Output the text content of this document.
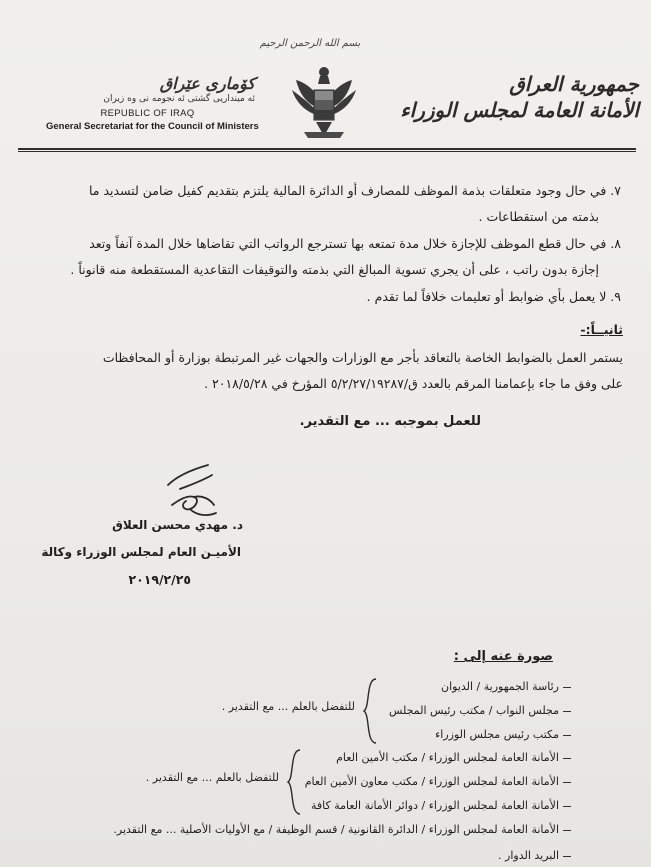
بسم الله الرحمن الرحيم
جمهورية العراق
الأمانة العامة لمجلس الوزراء
كۆماری عێراق
ئه مینداریی گشتی ئه نجومه نی وه زیران
REPUBLIC OF IRAQ
General Secretariat for the Council of Ministers
٧. في حال وجود متعلقات بذمة الموظف للمصارف أو الدائرة المالية يلتزم بتقديم كفيل ضامن لتسديد ما
بذمته من استقطاعات .
٨. في حال قطع الموظف للإجازة خلال مدة تمتعه بها تسترجع الرواتب التي تقاضاها خلال المدة آنفاً وتعد
إجازة بدون راتب ، على أن يجري تسوية المبالغ التي بذمته والتوقيفات التقاعدية المستقطعة منه قانوناً .
٩. لا يعمل بأي ضوابط أو تعليمات خلافاً لما تقدم .
ثانيــاً:-
يستمر العمل بالضوابط الخاصة بالتعاقد بأجر مع الوزارات والجهات غير المرتبطة بوزارة أو المحافظات
على وفق ما جاء بإعمامنا المرقم بالعدد ق/٥/٢/٢٧/١٩٢٨٧ المؤرخ في ٢٠١٨/٥/٢٨ .
للعمل بموجبه ... مع التقدير.
د. مهدي محسن العلاق
الأميـن العام لمجلس الوزراء وكالة
٢٠١٩/٢/٢٥
صورة عنه إلى :
رئاسة الجمهورية / الديوان
مجلس النواب / مكتب رئيس المجلس
مكتب رئيس مجلس الوزراء
للتفضل بالعلم ... مع التقدير .
الأمانة العامة لمجلس الوزراء / مكتب الأمين العام
الأمانة العامة لمجلس الوزراء / مكتب معاون الأمين العام
الأمانة العامة لمجلس الوزراء / دوائر الأمانة العامة كافة
للتفضل بالعلم ... مع التقدير .
الأمانة العامة لمجلس الوزراء / الدائرة القانونية / قسم الوظيفة / مع الأوليات الأصلية ... مع التقدير.
البريد الدوار .
